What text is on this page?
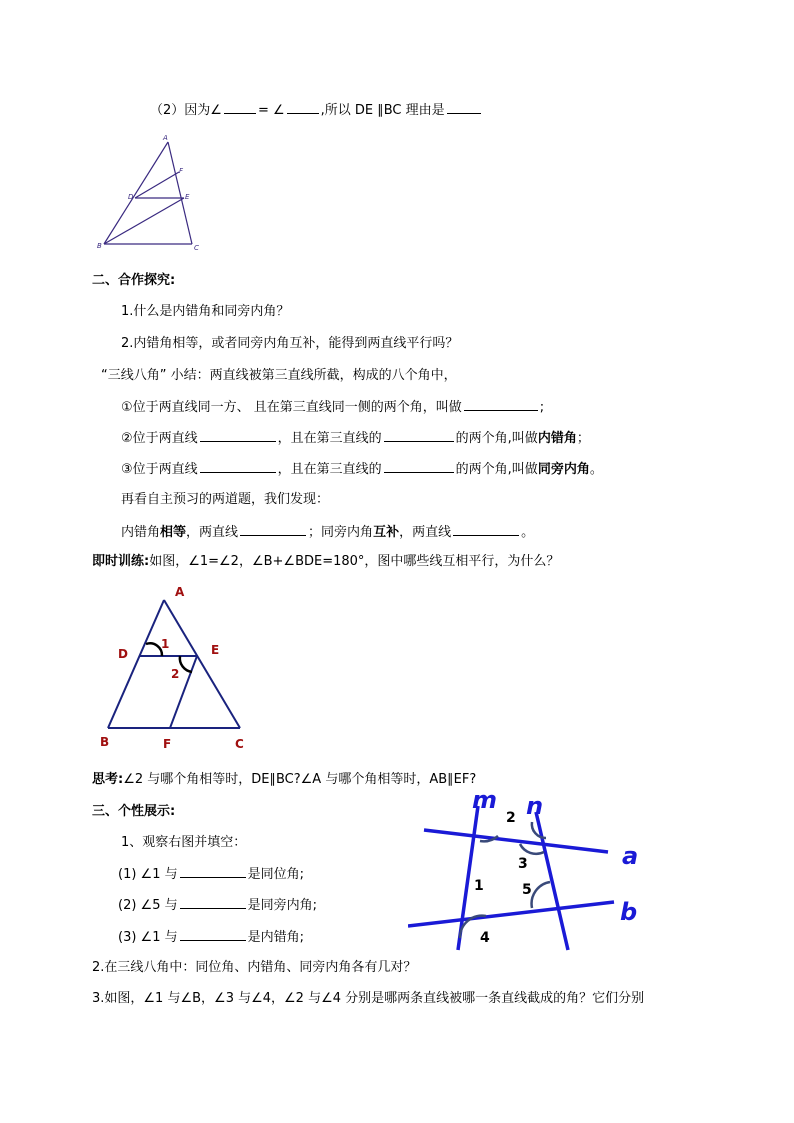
（2）因为∠	= ∠	,所以 DE ∥BC 理由是
A
F
D	E
B	C
二、合作探究:
1.什么是内错角和同旁内角？
2.内错角相等，或者同旁内角互补，能得到两直线平行吗？
“三线八角” 小结：两直线被第三直线所截，构成的八个角中，
①位于两直线同一方、 且在第三直线同一侧的两个角，叫做	;
②位于两直线	，且在第三直线的	的两个角,叫做内错角；
③位于两直线	，且在第三直线的	的两个角,叫做同旁内角。
再看自主预习的两道题，我们发现：
内错角相等，两直线	；同旁内角互补，两直线	。
即时训练:如图，∠1=∠2，∠B+∠BDE=180°，图中哪些线互相平行，为什么？
A
D	E
B	F	C
1
2
思考:∠2 与哪个角相等时，DE∥BC?∠A 与哪个角相等时，AB∥EF?
三、个性展示:
1、观察右图并填空：
(1) ∠1 与	是同位角;
(2) ∠5 与	是同旁内角;
(3) ∠1 与	是内错角;
2.在三线八角中：同位角、内错角、同旁内角各有几对？
3.如图，∠1 与∠B，∠3 与∠4，∠2 与∠4 分别是哪两条直线被哪一条直线截成的角？它们分别
m n
a
b
2
3
1	5
4
